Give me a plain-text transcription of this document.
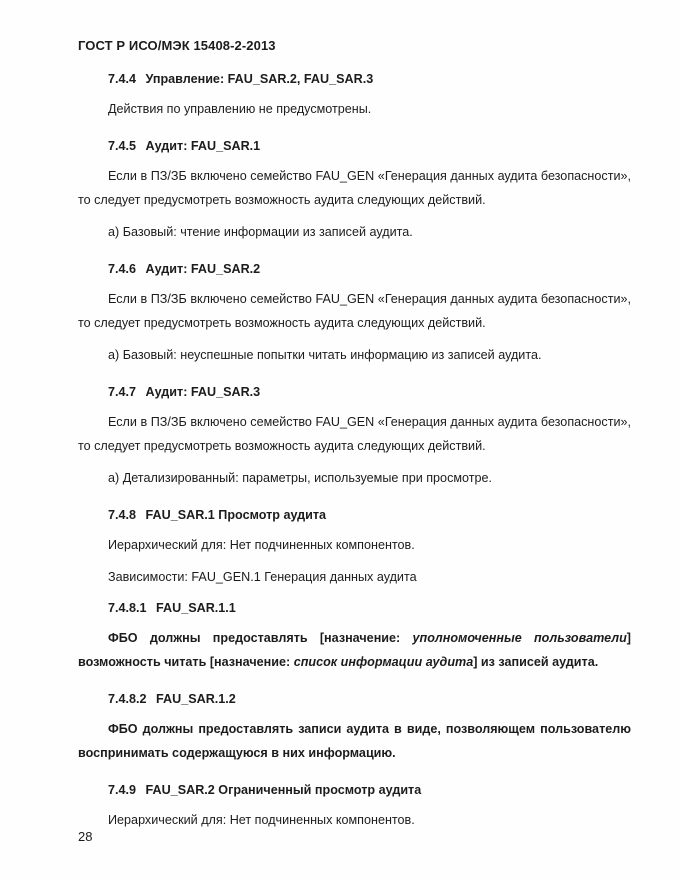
ГОСТ Р ИСО/МЭК 15408-2-2013
7.4.4 Управление: FAU_SAR.2, FAU_SAR.3

Действия по управлению не предусмотрены.

7.4.5 Аудит: FAU_SAR.1

Если в ПЗ/ЗБ включено семейство FAU_GEN «Генерация данных аудита безопасности», то следует предусмотреть возможность аудита следующих действий.

а) Базовый: чтение информации из записей аудита.

7.4.6 Аудит: FAU_SAR.2

Если в ПЗ/ЗБ включено семейство FAU_GEN «Генерация данных аудита безопасности», то следует предусмотреть возможность аудита следующих действий.

а) Базовый: неуспешные попытки читать информацию из записей аудита.

7.4.7 Аудит: FAU_SAR.3

Если в ПЗ/ЗБ включено семейство FAU_GEN «Генерация данных аудита безопасности», то следует предусмотреть возможность аудита следующих действий.

а) Детализированный: параметры, используемые при просмотре.

7.4.8 FAU_SAR.1 Просмотр аудита

Иерархический для: Нет подчиненных компонентов.

Зависимости: FAU_GEN.1 Генерация данных аудита

7.4.8.1 FAU_SAR.1.1

ФБО должны предоставлять [назначение: уполномоченные пользователи] возможность читать [назначение: список информации аудита] из записей аудита.

7.4.8.2 FAU_SAR.1.2

ФБО должны предоставлять записи аудита в виде, позволяющем пользователю воспринимать содержащуюся в них информацию.

7.4.9 FAU_SAR.2 Ограниченный просмотр аудита

Иерархический для: Нет подчиненных компонентов.

28
